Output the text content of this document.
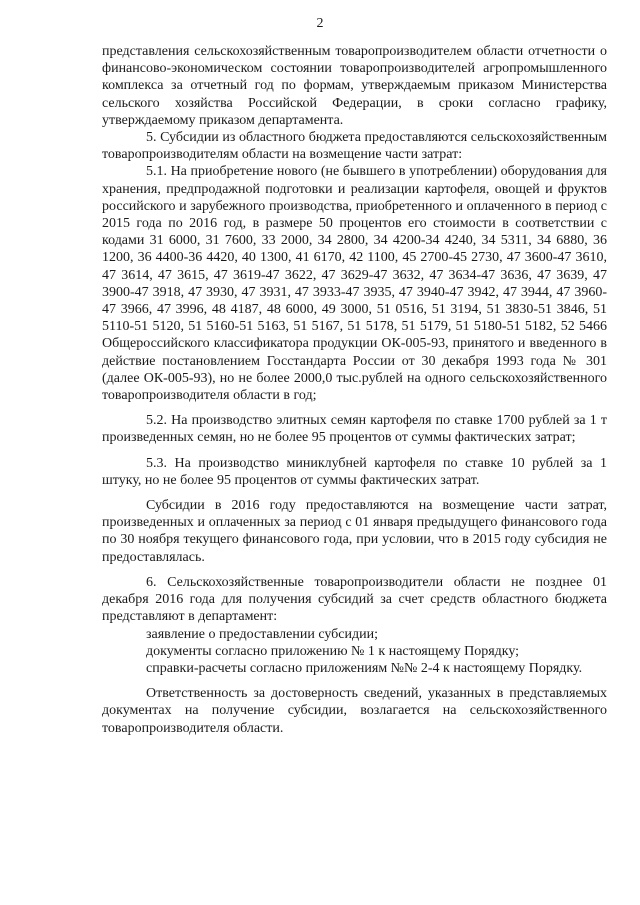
2

представления сельскохозяйственным товаропроизводителем области отчетности о финансово-экономическом состоянии товаропроизводителей агропромышленного комплекса за отчетный год по формам, утверждаемым приказом Министерства сельского хозяйства Российской Федерации, в сроки согласно графику, утверждаемому приказом департамента.

5. Субсидии из областного бюджета предоставляются сельскохозяйственным товаропроизводителям области на возмещение части затрат:

5.1. На приобретение нового (не бывшего в употреблении) оборудования для хранения, предпродажной подготовки и реализации картофеля, овощей и фруктов российского и зарубежного производства, приобретенного и оплаченного в период с 2015 года по 2016 год, в размере 50 процентов его стоимости в соответствии с кодами 31 6000, 31 7600, 33 2000, 34 2800, 34 4200-34 4240, 34 5311, 34 6880, 36 1200, 36 4400-36 4420, 40 1300, 41 6170, 42 1100, 45 2700-45 2730, 47 3600-47 3610, 47 3614, 47 3615, 47 3619-47 3622, 47 3629-47 3632, 47 3634-47 3636, 47 3639, 47 3900-47 3918, 47 3930, 47 3931, 47 3933-47 3935, 47 3940-47 3942, 47 3944, 47 3960-47 3966, 47 3996, 48 4187, 48 6000, 49 3000, 51 0516, 51 3194, 51 3830-51 3846, 51 5110-51 5120, 51 5160-51 5163, 51 5167, 51 5178, 51 5179, 51 5180-51 5182, 52 5466 Общероссийского классификатора продукции ОК-005-93, принятого и введенного в действие постановлением Госстандарта России от 30 декабря 1993 года № 301 (далее ОК-005-93), но не более 2000,0 тыс.рублей на одного сельскохозяйственного товаропроизводителя области в год;

5.2. На производство элитных семян картофеля по ставке 1700 рублей за 1 т произведенных семян, но не более 95 процентов от суммы фактических затрат;

5.3. На производство миниклубней картофеля по ставке 10 рублей за 1 штуку, но не более 95 процентов от суммы фактических затрат.

Субсидии в 2016 году предоставляются на возмещение части затрат, произведенных и оплаченных за период с 01 января предыдущего финансового года по 30 ноября текущего финансового года, при условии, что в 2015 году субсидия не предоставлялась.

6. Сельскохозяйственные товаропроизводители области не позднее 01 декабря 2016 года для получения субсидий за счет средств областного бюджета представляют в департамент:

заявление о предоставлении субсидии;

документы согласно приложению № 1 к настоящему Порядку;

справки-расчеты согласно приложениям №№ 2-4 к настоящему Порядку.

Ответственность за достоверность сведений, указанных в представляемых документах на получение субсидии, возлагается на сельскохозяйственного товаропроизводителя области.
